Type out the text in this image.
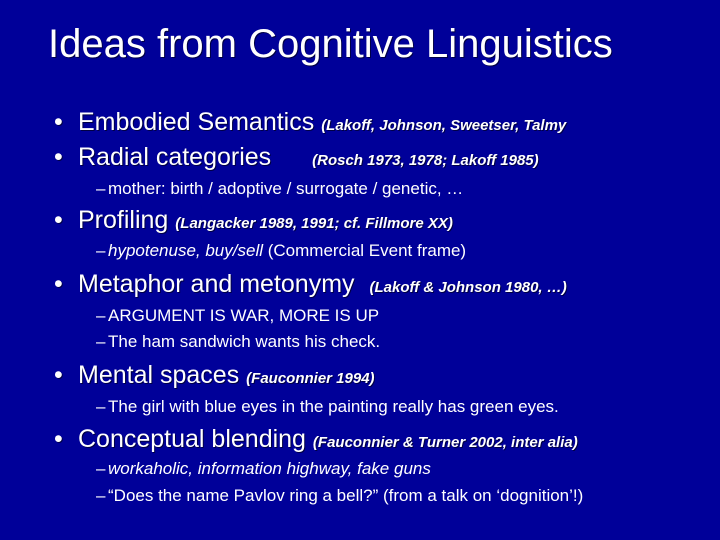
Ideas from Cognitive Linguistics
• Embodied Semantics (Lakoff, Johnson, Sweetser, Talmy
• Radial categories	(Rosch 1973, 1978; Lakoff 1985)
– mother: birth / adoptive / surrogate / genetic, …
• Profiling (Langacker 1989, 1991; cf. Fillmore XX)
– hypotenuse, buy/sell (Commercial Event frame)
• Metaphor and metonymy (Lakoff & Johnson 1980, …)
– ARGUMENT IS WAR, MORE IS UP
– The ham sandwich wants his check.
• Mental spaces (Fauconnier 1994)
– The girl with blue eyes in the painting really has green eyes.
• Conceptual blending (Fauconnier & Turner 2002, inter alia)
– workaholic, information highway, fake guns
– “Does the name Pavlov ring a bell?” (from a talk on ‘dognition’!)
